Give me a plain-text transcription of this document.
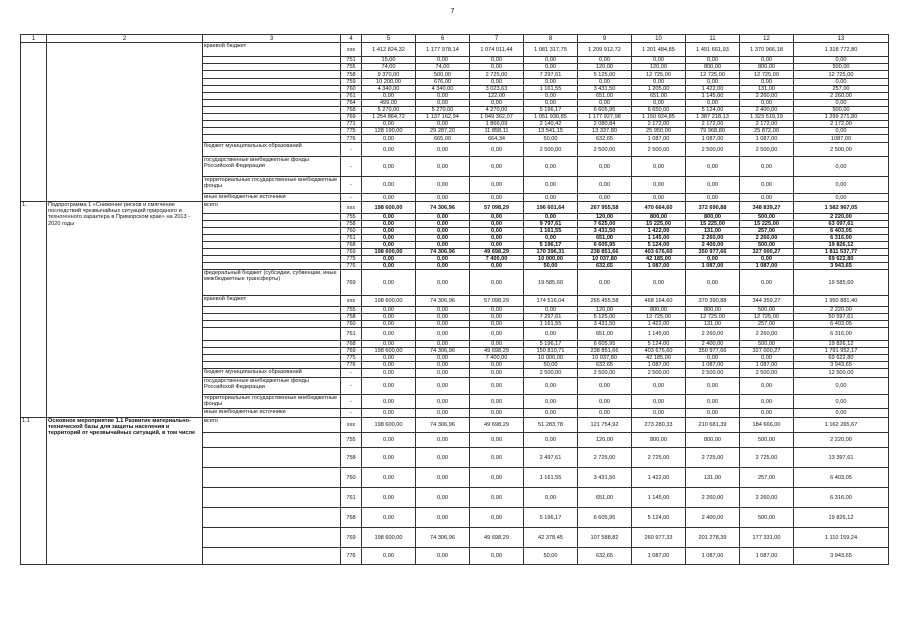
7
1	2	3	4	5	6	7	8	9	10	11	12	13
		краевой бюджет	ххх	1 412 824,32	1 177 978,14	1 074 011,44	1 081 317,75	1 209 912,72	1 201 484,85	1 491 661,93	1 370 966,18	1 318 772,80
			751	15,00	0,00	0,00	0,00	0,00	0,00	0,00	0,00	0,00
			755	74,00	74,00	0,00	0,00	120,00	120,00	800,00	800,00	500,00
			758	9 370,00	500,00	2 725,00	7 297,61	5 125,00	12 725,00	12 725,00	12 725,00	12 725,00
			759	10 200,00	676,00	0,00	0,00	0,00	0,00	0,00	0,00	0,00
			760	4 340,00	4 340,00	3 023,63	1 161,55	3 431,50	1 205,00	1 422,00	131,00	257,00
			761	0,00	0,00	122,00	0,00	651,00	651,00	1 145,00	2 260,00	2 260,00
			764	499,00	0,00	0,00	0,00	0,00	0,00	0,00	0,00	0,00
			768	5 270,00	5 270,00	4 270,00	5 196,17	6 605,95	6 650,00	5 124,00	2 400,00	500,00
			769	1 254 864,72	1 137 162,94	1 049 362,07	1 051 930,85	1 177 927,98	1 150 924,85	1 387 218,13	1 323 519,19	1 299 271,80
			771	0,00	0,00	1 866,09	2 140,42	2 080,84	2 172,00	2 172,00	2 172,00	2 172,00
			775	128 190,00	29 287,20	11 858,11	13 541,15	13 337,80	25 950,00	79 968,80	25 872,00	0,00
			776	0,00	665,00	664,34	50,00	632,65	1 087,00	1 087,00	1 087,00	1087,00
		бюджет муниципальных образований	-	0,00	0,00	0,00	2 500,00	2 500,00	2 500,00	2 500,00	2 500,00	2 500,00
		государственные внебюджетные фонды Российской Федерации	-	0,00	0,00	0,00	0,00	0,00	0,00	0,00	0,00	0,00
		территориальные государственные внебюджетные фонды	-	0,00	0,00	0,00	0,00	0,00	0,00	0,00	0,00	0,00
		иные внебюджетные источники	-	0,00	0,00	0,00	0,00	0,00	0,00	0,00	0,00	0,00
1.	Подпрограмма 1 «Снижение рисков и смягчение последствий чрезвычайных ситуаций природного и техногенного характера в Приморском крае» на 2013 - 2020 годы	всего	ххх	198 600,00	74 306,96	57 098,29	196 601,64	267 955,58	470 664,60	372 690,88	348 839,27	1 582 967,05
			755	0,00	0,00	0,00	0,00	120,00	800,00	800,00	500,00	2 220,00
			758	0,00	0,00	0,00	9 797,61	7 625,00	15 225,00	15 225,00	15 225,00	63 097,61
			760	0,00	0,00	0,00	1 161,55	3 431,50	1 422,00	131,00	257,00	6 403,05
			761	0,00	0,00	0,00	0,00	651,00	1 145,00	2 260,00	2 260,00	6 316,00
			768	0,00	0,00	0,00	5 196,17	6 605,95	5 124,00	2 400,00	500,00	19 826,12
			769	198 600,00	74 306,96	49 698,29	170 396,31	238 851,66	403 676,60	350 977,66	327 000,27	1 811 537,77
			775	0,00	0,00	7 400,00	10 000,00	10 037,80	42 185,00	0,00	0,00	69 622,80
			776	0,00	0,00	0,00	50,00	632,65	1 087,00	1 087,00	1 087,00	3 943,65
		федеральный бюджет (субсидии, субвенции, иные межбюджетные трансферты)	769	0,00	0,00	0,00	19 585,60	0,00	0,00	0,00	0,00	19 585,60
		краевой бюджет	ххх	198 600,00	74 306,96	57 098,29	174 516,04	265 455,58	468 164,60	370 390,88	344 359,27	1 950 881,40
			755	0,00	0,00	0,00	0,00	120,00	800,00	800,00	500,00	2 220,00
			758	0,00	0,00	0,00	7 297,61	5 125,00	12 725,00	12 725,00	12 725,00	50 597,61
			760	0,00	0,00	0,00	1 161,55	3 431,50	1 422,00	131,00	257,00	6 403,05
			761	0,00	0,00	0,00	0,00	651,00	1 145,00	2 260,00	2 260,00	6 316,00
			768	0,00	0,00	0,00	5 196,17	6 605,95	5 124,00	2 400,00	500,00	19 826,12
			769	198 600,00	74 306,96	49 698,29	150 810,71	238 851,66	403 676,60	350 977,66	327 000,27	1 791 952,17
			775	0,00	0,00	7 400,00	10 000,00	10 037,80	42 185,00	0,00	0,00	69 622,80
			776	0,00	0,00	0,00	50,00	632,65	1 087,00	1 087,00	1 087,00	3 943,65
		бюджет муниципальных образований	-	0,00	0,00	0,00	2 500,00	2 500,00	2 500,00	2 500,00	2 500,00	12 500,00
		государственные внебюджетные фонды Российской Федерации	-	0,00	0,00	0,00	0,00	0,00	0,00	0,00	0,00	0,00
		территориальные государственные внебюджетные фонды	-	0,00	0,00	0,00	0,00	0,00	0,00	0,00	0,00	0,00
		иные внебюджетные источники	-	0,00	0,00	0,00	0,00	0,00	0,00	0,00	0,00	0,00
1.1	Основное мероприятие 1.1 Развитие материально-технической базы для защиты населения и территорий от чрезвычайных ситуаций, в том числе	всего	ххх	198 600,00	74 306,96	49 698,29	51 283,78	121 754,92	273 280,33	210 681,39	184 666,00	1 162 265,67
			755	0,00	0,00	0,00	0,00	120,00	800,00	800,00	500,00	2 220,00
			758	0,00	0,00	0,00	2 497,61	2 725,00	2 725,00	2 725,00	2 725,00	13 397,61
			760	0,00	0,00	0,00	1 161,55	3 431,50	1 422,00	131,00	257,00	6 403,05
			761	0,00	0,00	0,00	0,00	651,00	1 145,00	2 260,00	2 260,00	6 316,00
			768	0,00	0,00	0,00	5 196,17	6 605,95	5 124,00	2 400,00	500,00	19 826,12
			769	198 600,00	74 306,96	49 698,29	42 378,45	107 588,82	260 977,33	201 278,39	177 331,00	1 110 159,24
			776	0,00	0,00	0,00	50,00	632,65	1 087,00	1 087,00	1 087,00	3 943,65
